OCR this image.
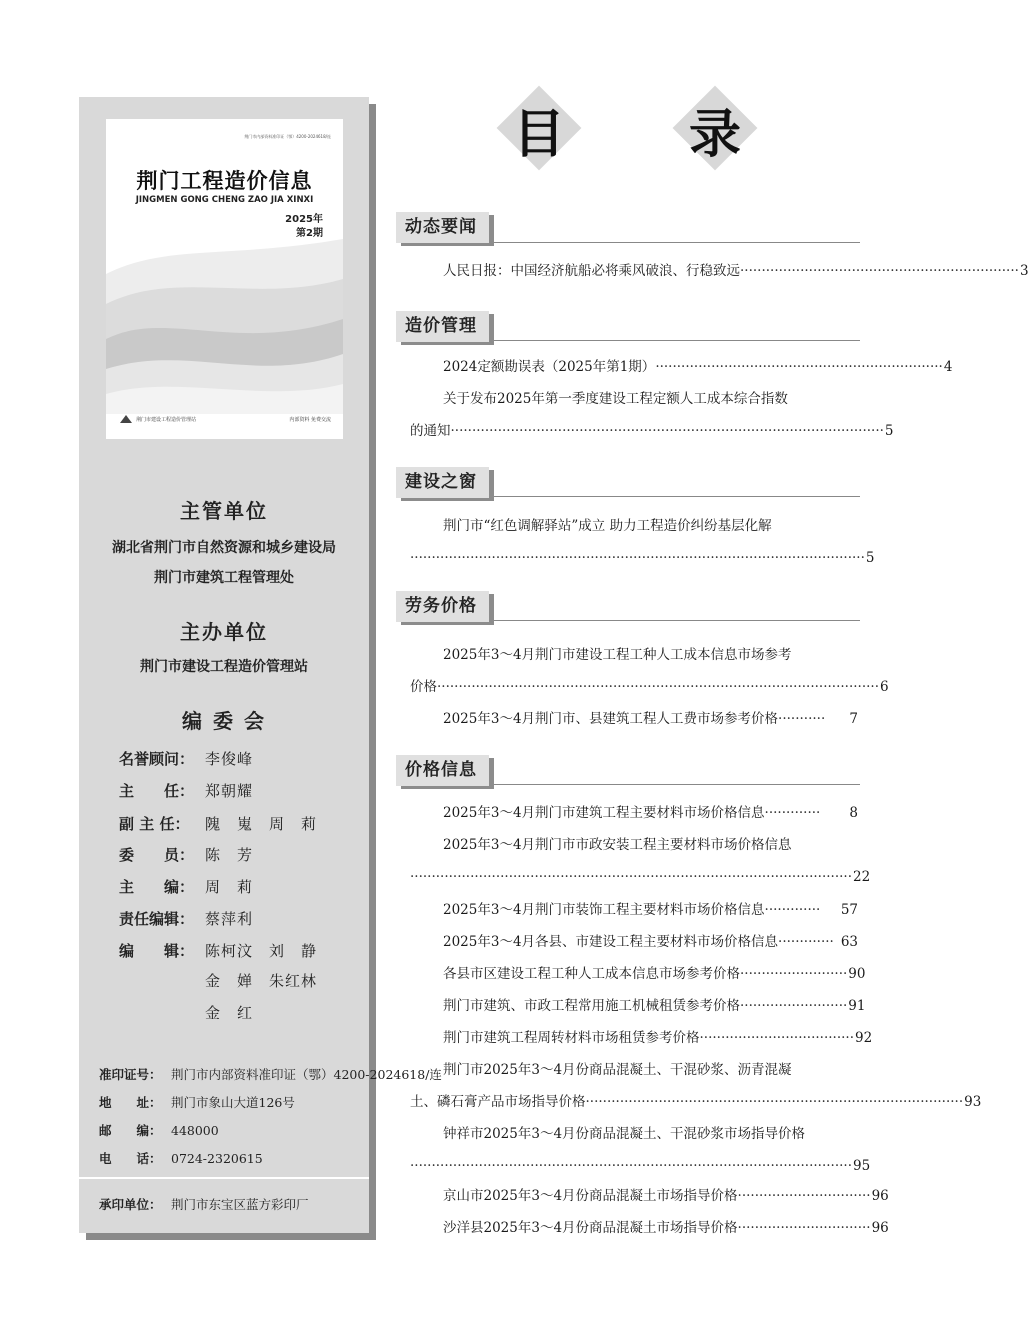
荆门市内部资料准印证（鄂）4200-2024618/连
荆门工程造价信息
JINGMEN GONG CHENG ZAO JIA XINXI
2025年
第2期
荆门市建设工程造价管理站	内部资料 免费交流
主管单位
湖北省荆门市自然资源和城乡建设局
荆门市建筑工程管理处
主办单位
荆门市建设工程造价管理站
编 委 会
名誉顾问： 李俊峰
主　　任： 郑朝耀
副 主 任： 隗　嵬　周　莉
委　　员： 陈　芳
主　　编： 周　莉
责任编辑： 蔡萍利
编　　辑： 陈柯汶　刘　静
金　婵　朱红林
金　红
准印证号： 荆门市内部资料准印证（鄂）4200-2024618/连
地　　址： 荆门市象山大道126号
邮　　编： 448000
电　　话： 0724-2320615
承印单位： 荆门市东宝区蓝方彩印厂
目	录
动态要闻
人民日报：中国经济航船必将乘风破浪、行稳致远 ································································· 3
造价管理
2024定额勘误表（2025年第1期） ··································································· 4
关于发布2025年第一季度建设工程定额人工成本综合指数
的通知 ····································································································· 5
建设之窗
荆门市“红色调解驿站”成立 助力工程造价纠纷基层化解
·········································································································· 5
劳务价格
2025年3～4月荆门市建设工程工种人工成本信息市场参考
价格 ······································································································· 6
2025年3～4月荆门市、县建筑工程人工费市场参考价格 ···········	7
价格信息
2025年3～4月荆门市建筑工程主要材料市场价格信息 ·············	8
2025年3～4月荆门市市政安装工程主要材料市场价格信息
······································································································· 22
2025年3～4月荆门市装饰工程主要材料市场价格信息 ·············	57
2025年3～4月各县、市建设工程主要材料市场价格信息 ············· 63
各县市区建设工程工种人工成本信息市场参考价格 ························· 90
荆门市建筑、市政工程常用施工机械租赁参考价格 ························· 91
荆门市建筑工程周转材料市场租赁参考价格 ···································· 92
荆门市2025年3～4月份商品混凝土、干混砂浆、沥青混凝
土、磷石膏产品市场指导价格 ························································································ 93
钟祥市2025年3～4月份商品混凝土、干混砂浆市场指导价格
······································································································· 95
京山市2025年3～4月份商品混凝土市场指导价格 ······························· 96
沙洋县2025年3～4月份商品混凝土市场指导价格 ······························· 96
